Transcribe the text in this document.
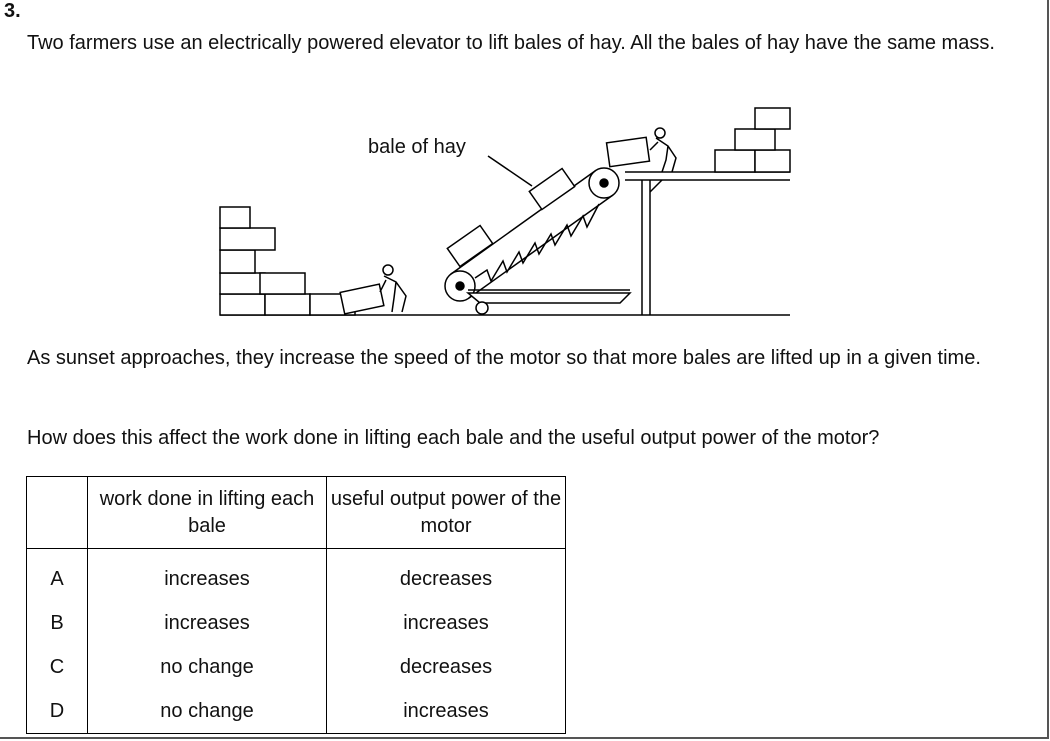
3.
Two farmers use an electrically powered elevator to lift bales of hay. All the bales of hay have the same mass.
bale of hay
As sunset approaches, they increase the speed of the motor so that more bales are lifted up in a given time.
How does this affect the work done in lifting each bale and the useful output power of the motor?
	work done in lifting each bale	useful output power of the motor
A	increases	decreases
B	increases	increases
C	no change	decreases
D	no change	increases
